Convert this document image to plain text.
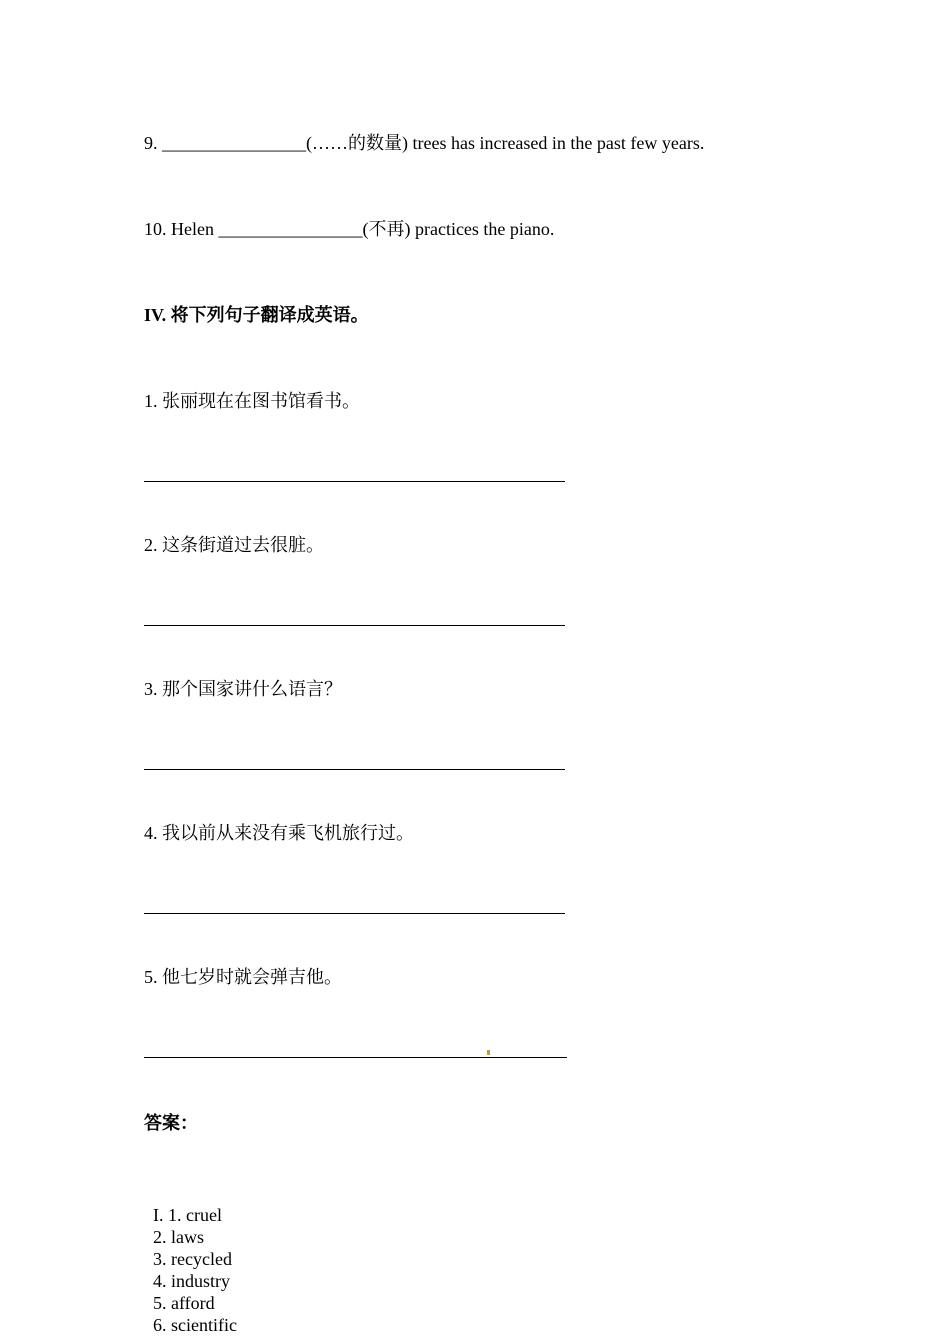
9. ________________(……的数量) trees has increased in the past few years.
10. Helen ________________(不再) practices the piano.
IV. 将下列句子翻译成英语。
1. 张丽现在在图书馆看书。
2. 这条街道过去很脏。
3. 那个国家讲什么语言？
4. 我以前从来没有乘飞机旅行过。
5. 他七岁时就会弹吉他。
答案：

I. 1. cruel
2. laws
3. recycled
4. industry
5. afford
6. scientific
